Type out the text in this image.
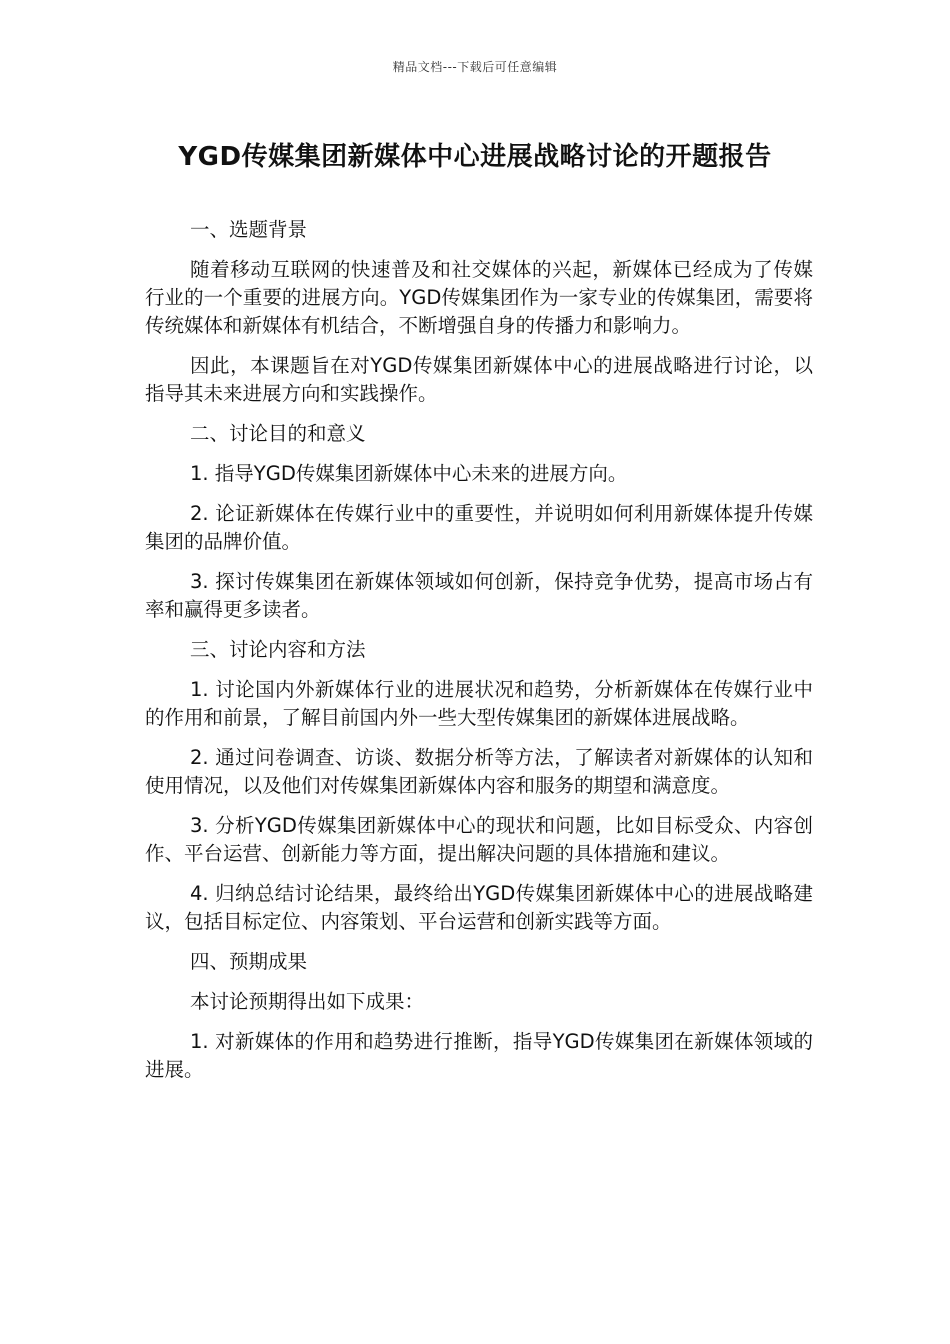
精品文档---下载后可任意编辑
YGD传媒集团新媒体中心进展战略讨论的开题报告

一、选题背景

随着移动互联网的快速普及和社交媒体的兴起，新媒体已经成为了传媒行业的一个重要的进展方向。YGD传媒集团作为一家专业的传媒集团，需要将传统媒体和新媒体有机结合，不断增强自身的传播力和影响力。

因此，本课题旨在对YGD传媒集团新媒体中心的进展战略进行讨论，以指导其未来进展方向和实践操作。

二、讨论目的和意义

1. 指导YGD传媒集团新媒体中心未来的进展方向。

2. 论证新媒体在传媒行业中的重要性，并说明如何利用新媒体提升传媒集团的品牌价值。

3. 探讨传媒集团在新媒体领域如何创新，保持竞争优势，提高市场占有率和赢得更多读者。

三、讨论内容和方法

1. 讨论国内外新媒体行业的进展状况和趋势，分析新媒体在传媒行业中的作用和前景，了解目前国内外一些大型传媒集团的新媒体进展战略。

2. 通过问卷调查、访谈、数据分析等方法，了解读者对新媒体的认知和使用情况，以及他们对传媒集团新媒体内容和服务的期望和满意度。

3. 分析YGD传媒集团新媒体中心的现状和问题，比如目标受众、内容创作、平台运营、创新能力等方面，提出解决问题的具体措施和建议。

4. 归纳总结讨论结果，最终给出YGD传媒集团新媒体中心的进展战略建议，包括目标定位、内容策划、平台运营和创新实践等方面。

四、预期成果

本讨论预期得出如下成果：

1. 对新媒体的作用和趋势进行推断，指导YGD传媒集团在新媒体领域的进展。
